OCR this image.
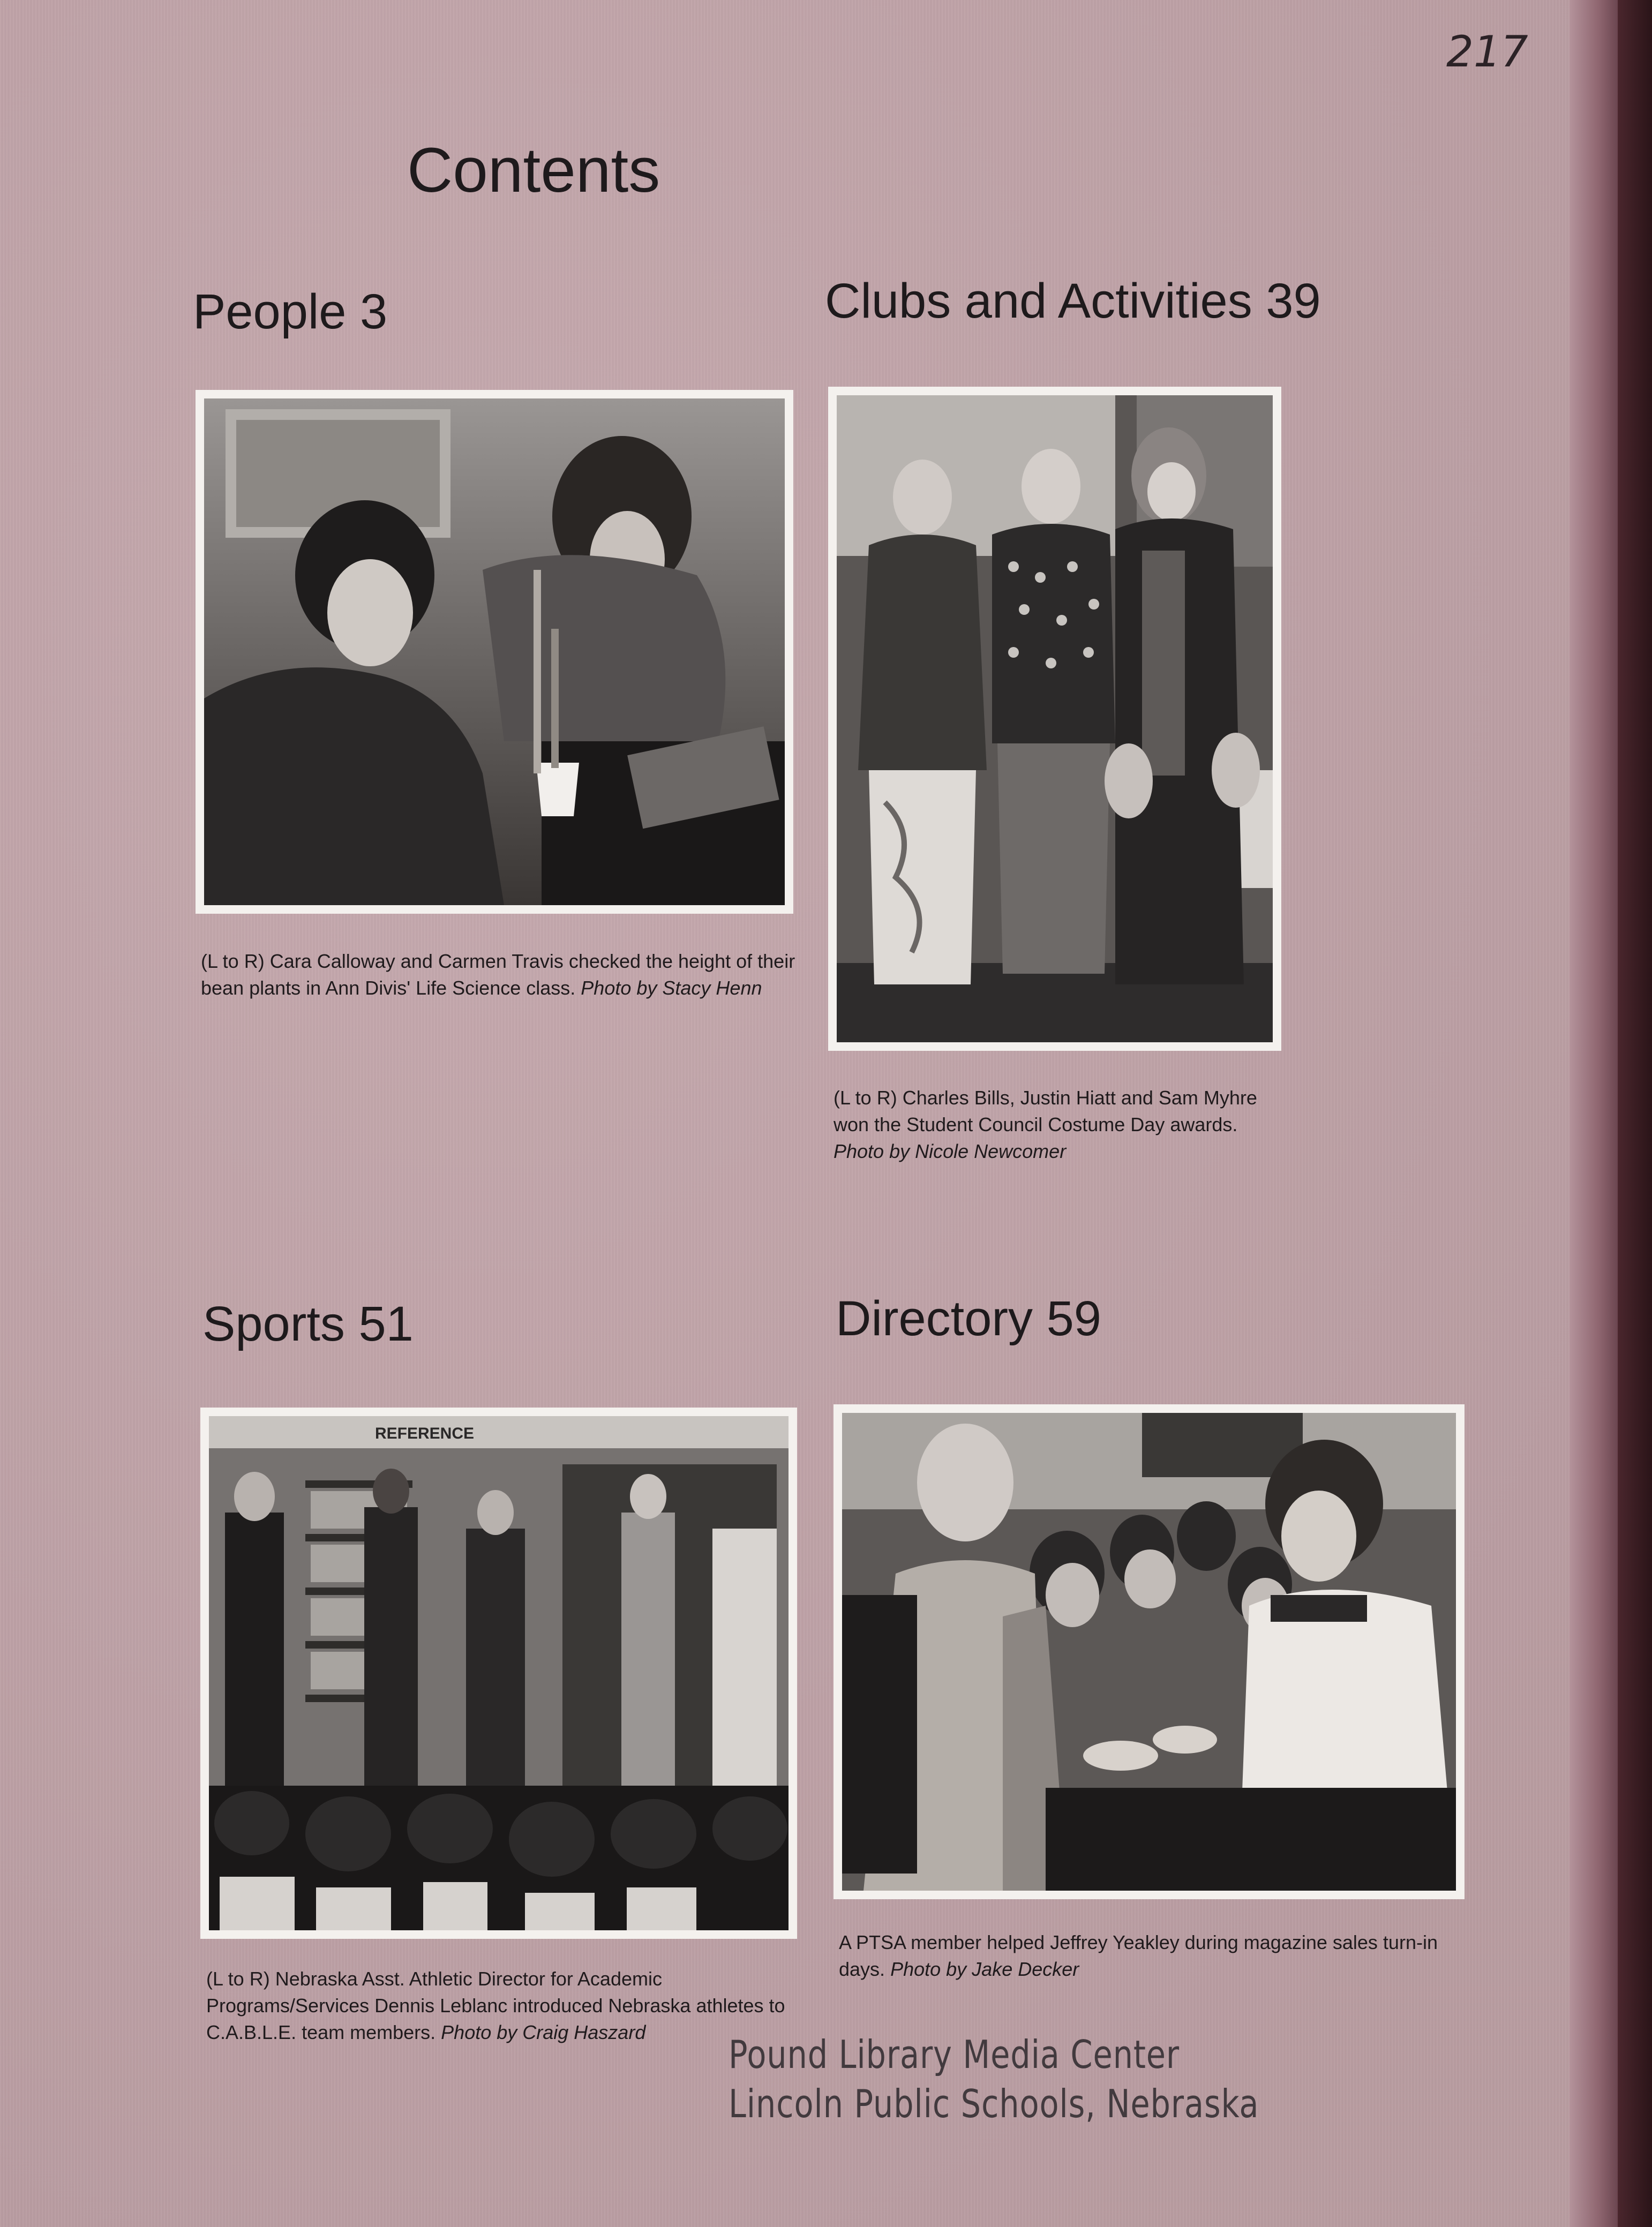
217
Contents
People 3
(L to R) Cara Calloway and Carmen Travis checked the height of their bean plants in Ann Divis' Life Science class. Photo by Stacy Henn
Clubs and Activities 39
(L to R) Charles Bills, Justin Hiatt and Sam Myhre won the Student Council Costume Day awards. Photo by Nicole Newcomer
Sports 51
REFERENCE
(L to R) Nebraska Asst. Athletic Director for Academic Programs/Services Dennis Leblanc introduced Nebraska athletes to C.A.B.L.E. team members. Photo by Craig Haszard
Directory 59
A PTSA member helped Jeffrey Yeakley during magazine sales turn-in days. Photo by Jake Decker
Pound Library Media Center
Lincoln Public Schools, Nebraska
